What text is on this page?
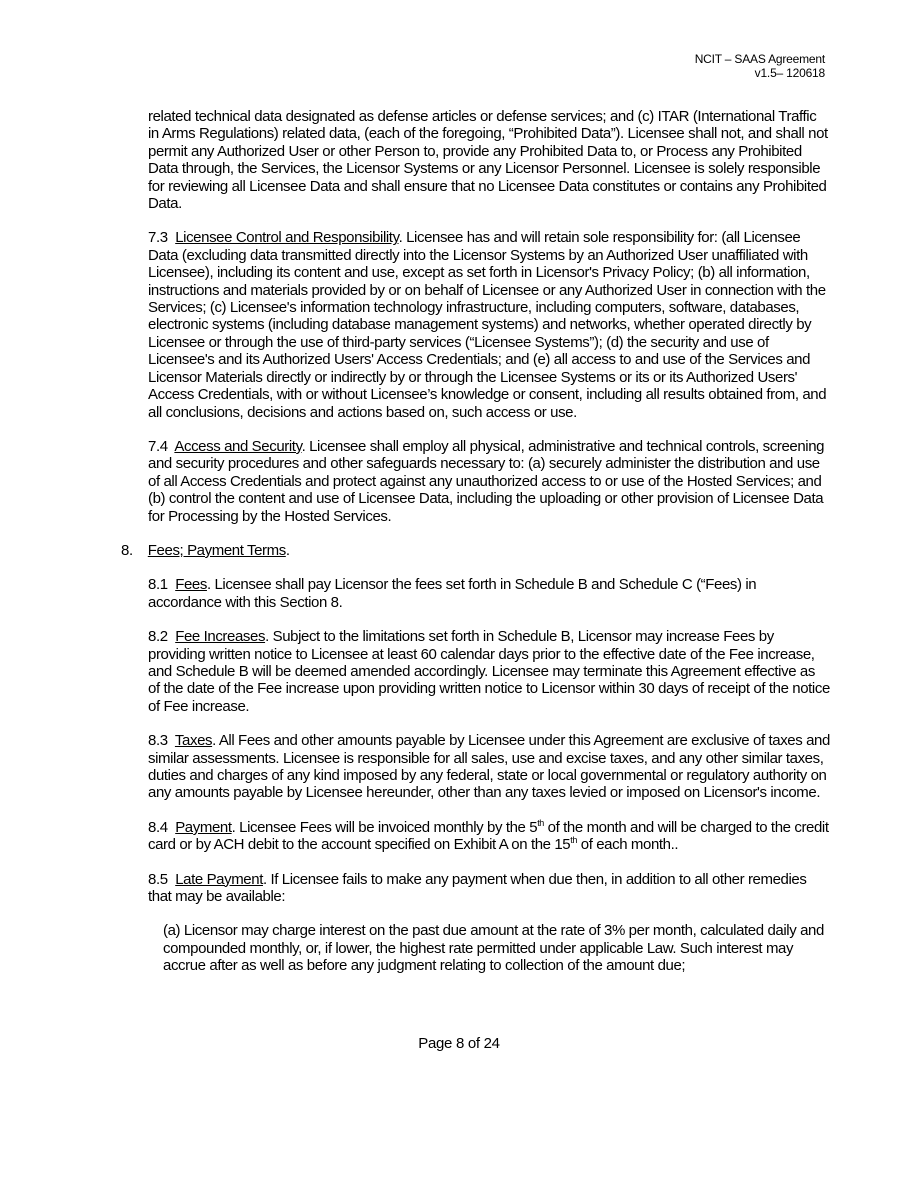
NCIT – SAAS Agreement
v1.5– 120618

related technical data designated as defense articles or defense services; and (c) ITAR (International Traffic in Arms Regulations) related data, (each of the foregoing, “Prohibited Data”). Licensee shall not, and shall not permit any Authorized User or other Person to, provide any Prohibited Data to, or Process any Prohibited Data through, the Services, the Licensor Systems or any Licensor Personnel. Licensee is solely responsible for reviewing all Licensee Data and shall ensure that no Licensee Data constitutes or contains any Prohibited Data.

7.3 Licensee Control and Responsibility. Licensee has and will retain sole responsibility for: (all Licensee Data (excluding data transmitted directly into the Licensor Systems by an Authorized User unaffiliated with Licensee), including its content and use, except as set forth in Licensor's Privacy Policy; (b) all information, instructions and materials provided by or on behalf of Licensee or any Authorized User in connection with the Services; (c) Licensee's information technology infrastructure, including computers, software, databases, electronic systems (including database management systems) and networks, whether operated directly by Licensee or through the use of third-party services (“Licensee Systems”); (d) the security and use of Licensee's and its Authorized Users' Access Credentials; and (e) all access to and use of the Services and Licensor Materials directly or indirectly by or through the Licensee Systems or its or its Authorized Users' Access Credentials, with or without Licensee’s knowledge or consent, including all results obtained from, and all conclusions, decisions and actions based on, such access or use.

7.4 Access and Security. Licensee shall employ all physical, administrative and technical controls, screening and security procedures and other safeguards necessary to: (a) securely administer the distribution and use of all Access Credentials and protect against any unauthorized access to or use of the Hosted Services; and (b) control the content and use of Licensee Data, including the uploading or other provision of Licensee Data for Processing by the Hosted Services.

8. Fees; Payment Terms.

8.1 Fees. Licensee shall pay Licensor the fees set forth in Schedule B and Schedule C (“Fees) in accordance with this Section 8.

8.2 Fee Increases. Subject to the limitations set forth in Schedule B, Licensor may increase Fees by providing written notice to Licensee at least 60 calendar days prior to the effective date of the Fee increase, and Schedule B will be deemed amended accordingly. Licensee may terminate this Agreement effective as of the date of the Fee increase upon providing written notice to Licensor within 30 days of receipt of the notice of Fee increase.

8.3 Taxes. All Fees and other amounts payable by Licensee under this Agreement are exclusive of taxes and similar assessments. Licensee is responsible for all sales, use and excise taxes, and any other similar taxes, duties and charges of any kind imposed by any federal, state or local governmental or regulatory authority on any amounts payable by Licensee hereunder, other than any taxes levied or imposed on Licensor's income.

8.4 Payment. Licensee Fees will be invoiced monthly by the 5th of the month and will be charged to the credit card or by ACH debit to the account specified on Exhibit A on the 15th of each month..

8.5 Late Payment. If Licensee fails to make any payment when due then, in addition to all other remedies that may be available:

(a) Licensor may charge interest on the past due amount at the rate of 3% per month, calculated daily and compounded monthly, or, if lower, the highest rate permitted under applicable Law. Such interest may accrue after as well as before any judgment relating to collection of the amount due;

Page 8 of 24
